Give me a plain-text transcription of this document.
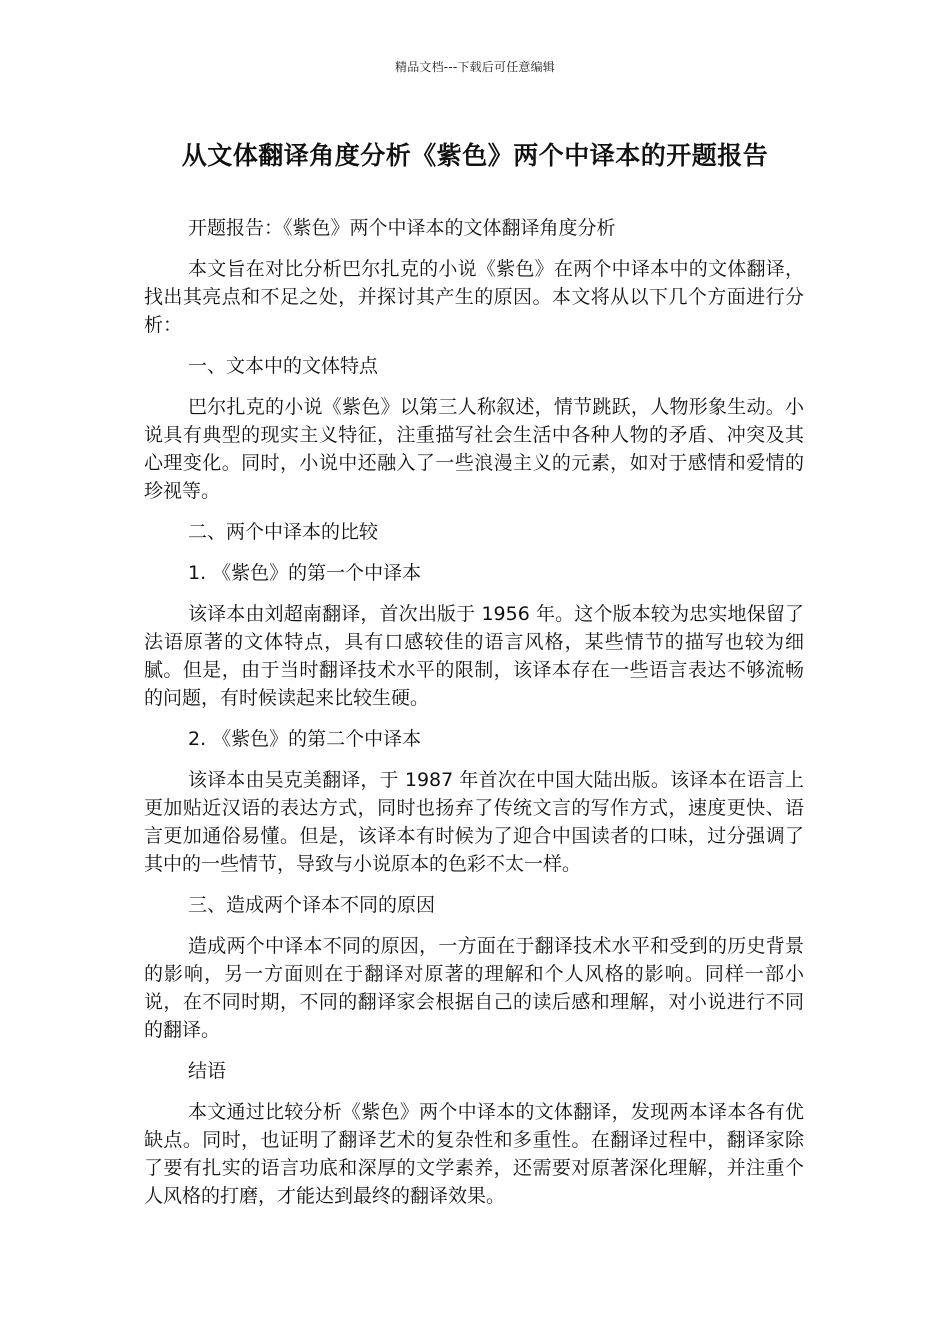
精品文档---下载后可任意编辑
从文体翻译角度分析《紫色》两个中译本的开题报告

开题报告：《紫色》两个中译本的文体翻译角度分析

本文旨在对比分析巴尔扎克的小说《紫色》在两个中译本中的文体翻译，找出其亮点和不足之处，并探讨其产生的原因。本文将从以下几个方面进行分析：

一、文本中的文体特点

巴尔扎克的小说《紫色》以第三人称叙述，情节跳跃，人物形象生动。小说具有典型的现实主义特征，注重描写社会生活中各种人物的矛盾、冲突及其心理变化。同时，小说中还融入了一些浪漫主义的元素，如对于感情和爱情的珍视等。

二、两个中译本的比较

1. 《紫色》的第一个中译本

该译本由刘超南翻译，首次出版于 1956 年。这个版本较为忠实地保留了法语原著的文体特点，具有口感较佳的语言风格，某些情节的描写也较为细腻。但是，由于当时翻译技术水平的限制，该译本存在一些语言表达不够流畅的问题，有时候读起来比较生硬。

2. 《紫色》的第二个中译本

该译本由吴克美翻译，于 1987 年首次在中国大陆出版。该译本在语言上更加贴近汉语的表达方式，同时也扬弃了传统文言的写作方式，速度更快、语言更加通俗易懂。但是，该译本有时候为了迎合中国读者的口味，过分强调了其中的一些情节，导致与小说原本的色彩不太一样。

三、造成两个译本不同的原因

造成两个中译本不同的原因，一方面在于翻译技术水平和受到的历史背景的影响，另一方面则在于翻译对原著的理解和个人风格的影响。同样一部小说，在不同时期，不同的翻译家会根据自己的读后感和理解，对小说进行不同的翻译。

结语

本文通过比较分析《紫色》两个中译本的文体翻译，发现两本译本各有优缺点。同时，也证明了翻译艺术的复杂性和多重性。在翻译过程中，翻译家除了要有扎实的语言功底和深厚的文学素养，还需要对原著深化理解，并注重个人风格的打磨，才能达到最终的翻译效果。
